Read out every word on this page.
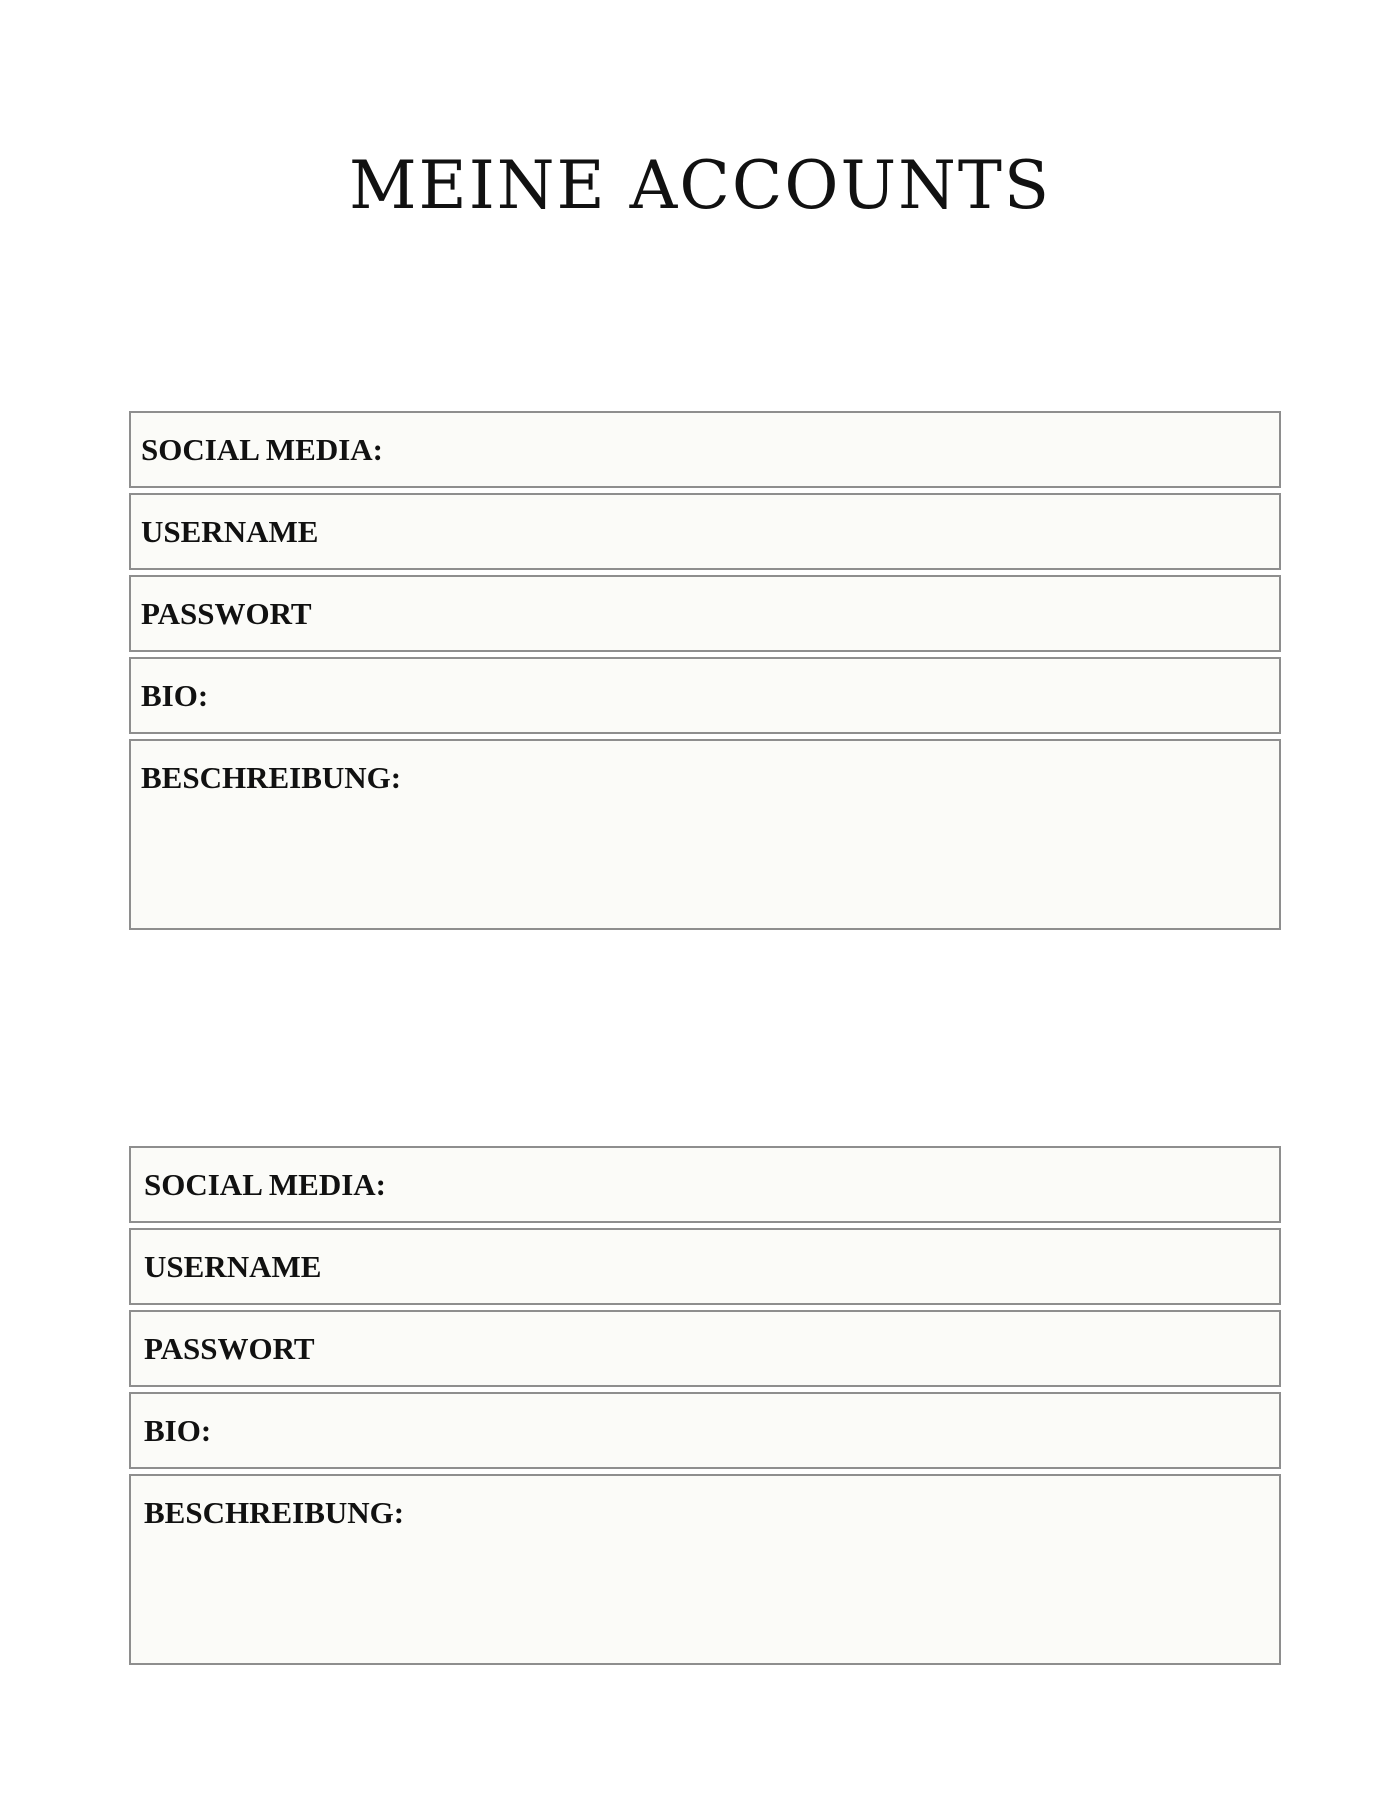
MEINE ACCOUNTS
SOCIAL MEDIA:
USERNAME
PASSWORT
BIO:
BESCHREIBUNG:
SOCIAL MEDIA:
USERNAME
PASSWORT
BIO:
BESCHREIBUNG:
